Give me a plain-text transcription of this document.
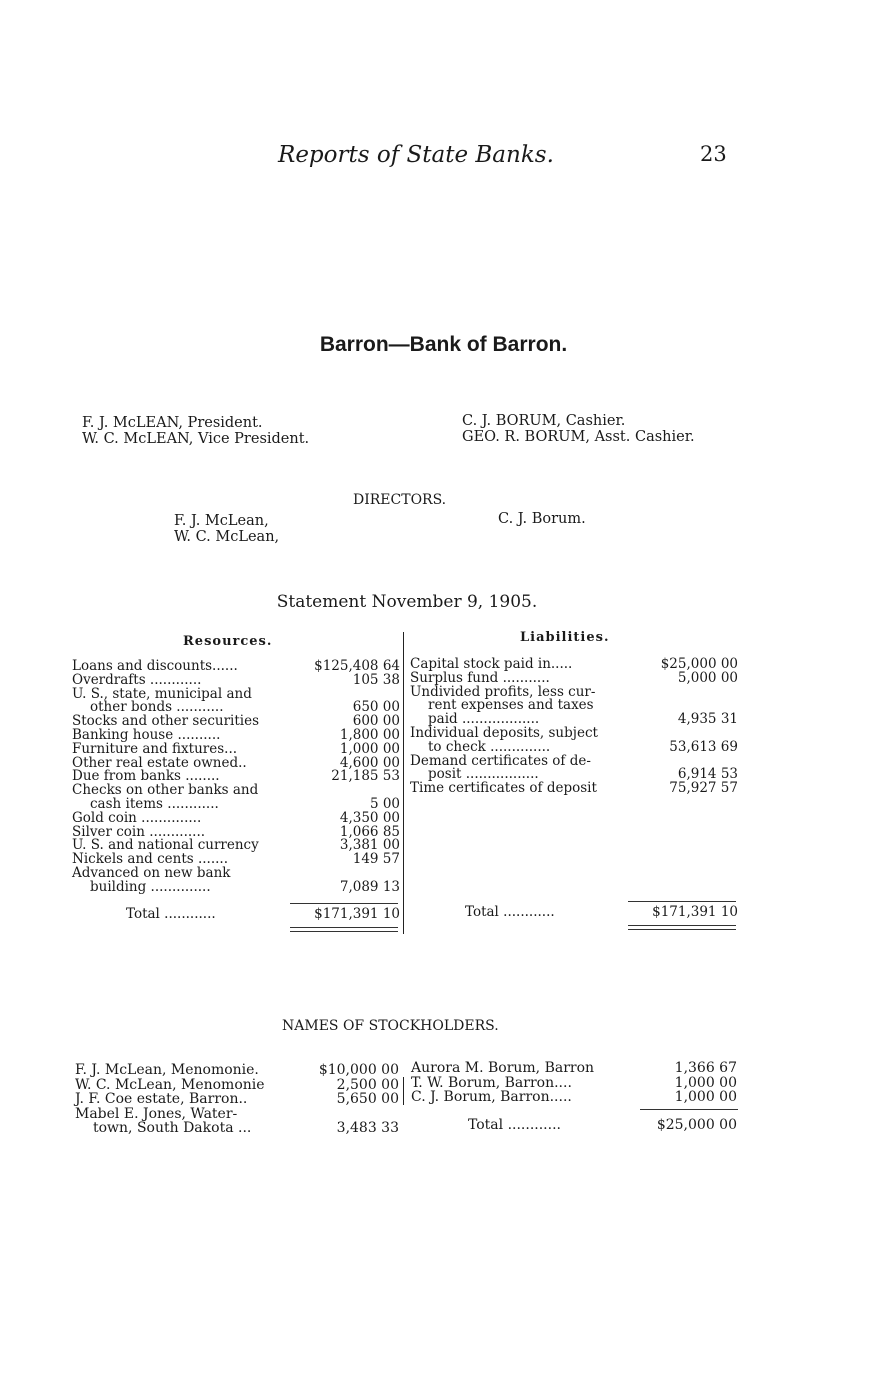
Reports of State Banks.	23
Barron—Bank of Barron.
F. J. McLEAN, President.
W. C. McLEAN, Vice President.
C. J. BORUM, Cashier.
GEO. R. BORUM, Asst. Cashier.
DIRECTORS.
F. J. McLean,
W. C. McLean,
C. J. Borum.
Statement November 9, 1905.
Resources.	Liabilities.
Loans and discounts......	$125,408 64
Overdrafts ............	105 38
U. S., state, municipal and
other bonds ...........	650 00
Stocks and other securities	600 00
Banking house ..........	1,800 00
Furniture and fixtures...	1,000 00
Other real estate owned..	4,600 00
Due from banks ........	21,185 53
Checks on other banks and
cash items ............	5 00
Gold coin ..............	4,350 00
Silver coin .............	1,066 85
U. S. and national currency	3,381 00
Nickels and cents .......	149 57
Advanced on new bank
building ..............	7,089 13
Total ............	$171,391 10
Capital stock paid in.....	$25,000 00
Surplus fund ...........	5,000 00
Undivided profits, less cur-
rent expenses and taxes
paid ..................	4,935 31
Individual deposits, subject
to check ..............	53,613 69
Demand certificates of de-
posit .................	6,914 53
Time certificates of deposit	75,927 57
Total ............	$171,391 10
NAMES OF STOCKHOLDERS.
F. J. McLean, Menomonie.	$10,000 00
W. C. McLean, Menomonie	2,500 00
J. F. Coe estate, Barron..	5,650 00
Mabel E. Jones, Water-
town, South Dakota ...	3,483 33
Aurora M. Borum, Barron	1,366 67
T. W. Borum, Barron....	1,000 00
C. J. Borum, Barron.....	1,000 00
Total ............	$25,000 00
